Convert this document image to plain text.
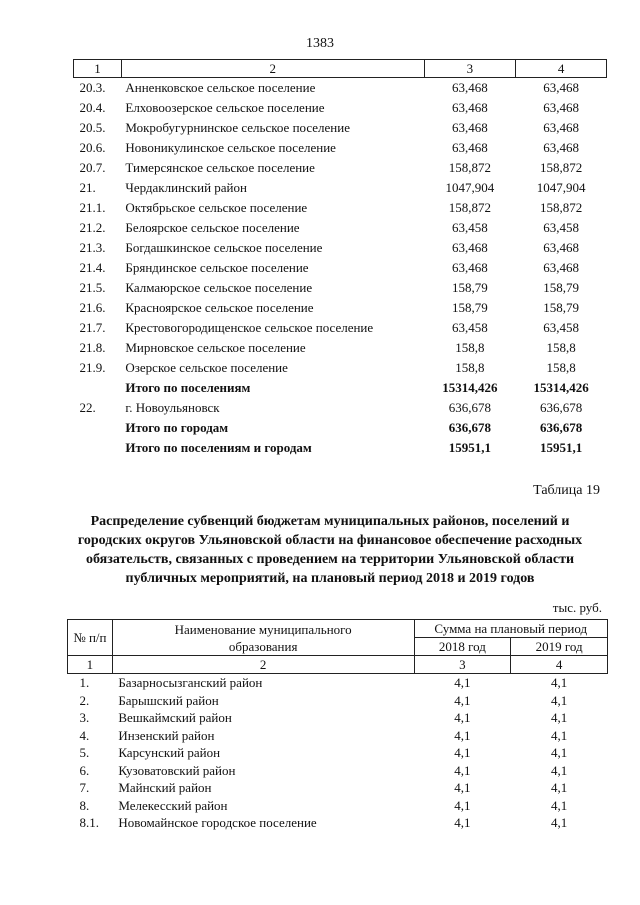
1383
1	2	3	4
20.3.	Анненковское сельское поселение	63,468	63,468
20.4.	Елховоозерское сельское поселение	63,468	63,468
20.5.	Мокробугурнинское сельское поселение	63,468	63,468
20.6.	Новоникулинское сельское поселение	63,468	63,468
20.7.	Тимерсянское сельское поселение	158,872	158,872
21.	Чердаклинский район	1047,904	1047,904
21.1.	Октябрьское сельское поселение	158,872	158,872
21.2.	Белоярское сельское поселение	63,458	63,458
21.3.	Богдашкинское сельское поселение	63,468	63,468
21.4.	Бряндинское сельское поселение	63,468	63,468
21.5.	Калмаюрское сельское поселение	158,79	158,79
21.6.	Красноярское сельское поселение	158,79	158,79
21.7.	Крестовогородищенское сельское поселение	63,458	63,458
21.8.	Мирновское сельское поселение	158,8	158,8
21.9.	Озерское сельское поселение	158,8	158,8
	Итого по поселениям	15314,426	15314,426
22.	г. Новоульяновск	636,678	636,678
	Итого по городам	636,678	636,678
	Итого по поселениям и городам	15951,1	15951,1
Таблица 19
Распределение субвенций бюджетам муниципальных районов, поселений и городских округов Ульяновской области на финансовое обеспечение расходных обязательств, связанных с проведением на территории Ульяновской области публичных мероприятий, на плановый период 2018 и 2019 годов
тыс. руб.
№ п/п	Наименование муниципального образования	Сумма на плановый период	
		2018 год	2019 год
1	2	3	4
1.	Базарносызганский район	4,1	4,1
2.	Барышский район	4,1	4,1
3.	Вешкаймский район	4,1	4,1
4.	Инзенский район	4,1	4,1
5.	Карсунский район	4,1	4,1
6.	Кузоватовский район	4,1	4,1
7.	Майнский район	4,1	4,1
8.	Мелекесский район	4,1	4,1
8.1.	Новомайнское городское поселение	4,1	4,1
